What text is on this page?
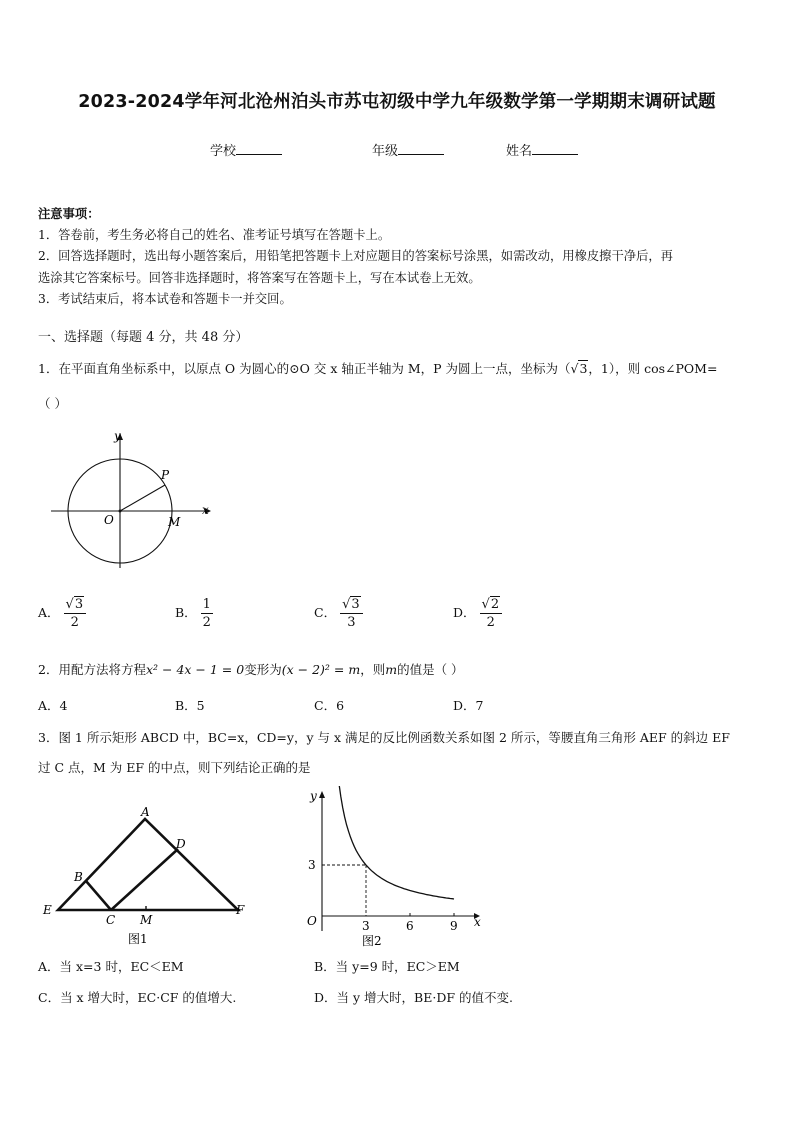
2023-2024学年河北沧州泊头市苏屯初级中学九年级数学第一学期期末调研试题
学校	年级	姓名
注意事项：
1．答卷前，考生务必将自己的姓名、准考证号填写在答题卡上。
2．回答选择题时，选出每小题答案后，用铅笔把答题卡上对应题目的答案标号涂黑，如需改动，用橡皮擦干净后，再
选涂其它答案标号。回答非选择题时，将答案写在答题卡上，写在本试卷上无效。
3．考试结束后，将本试卷和答题卡一并交回。
一、选择题（每题 4 分，共 48 分）
1．在平面直角坐标系中，以原点 O 为圆心的⊙O 交 x 轴正半轴为 M，P 为圆上一点，坐标为（√3，1），则 cos∠POM=
（ ）
y
x
O	M
P
A． $\frac{√3}{2}$	B． $\frac{1}{2}$	C． $\frac{√3}{3}$	D． $\frac{√2}{2}$
2．用配方法将方程x² − 4x − 1 = 0变形为(x − 2)² = m，则m的值是（ ）
A．4	B．5	C．6	D．7
3．图 1 所示矩形 ABCD 中，BC=x，CD=y，y 与 x 满足的反比例函数关系如图 2 所示，等腰直角三角形 AEF 的斜边 EF
过 C 点，M 为 EF 的中点，则下列结论正确的是
A
D
B
E
C M
F
图1
y
x
O
3
3	6	9
图2
A．当 x=3 时，EC＜EM	B．当 y=9 时，EC＞EM
C．当 x 增大时，EC·CF 的值增大.	D．当 y 增大时，BE·DF 的值不变.
